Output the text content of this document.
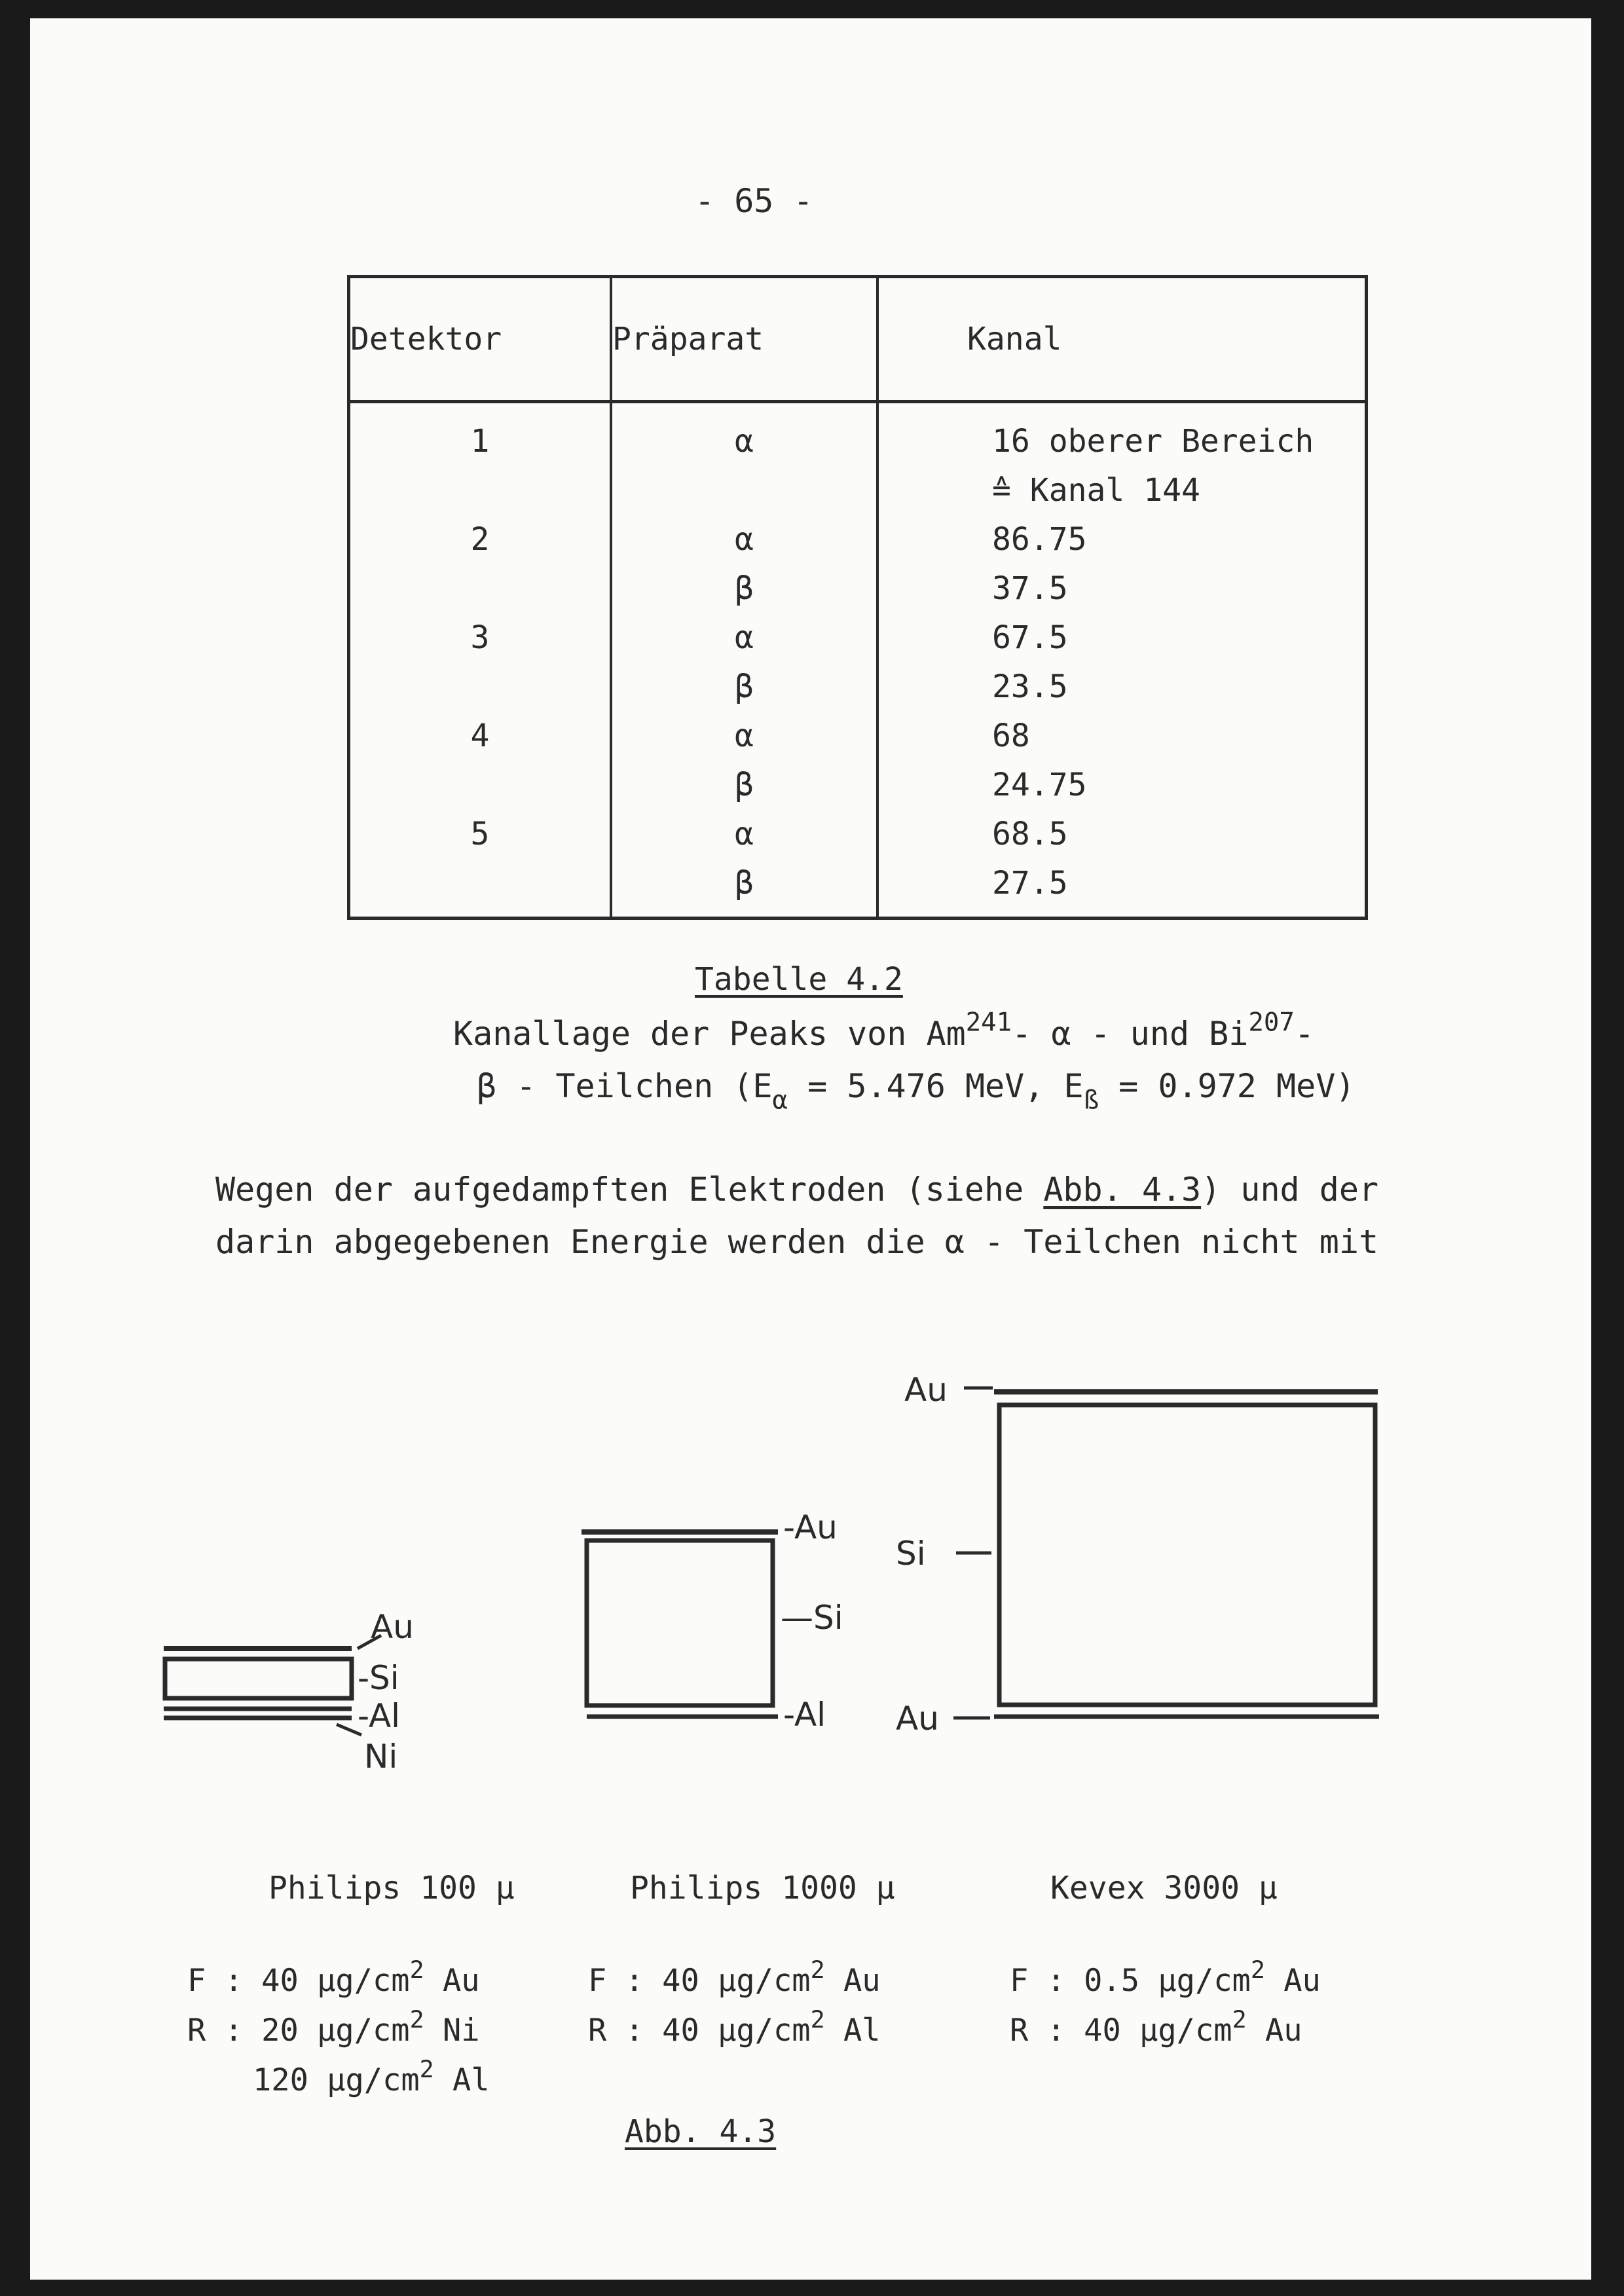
- 65 -
Detektor	Präparat	Kanal
1	α	16 oberer Bereich
		≙ Kanal 144
2	α	86.75
	β	37.5
3	α	67.5
	β	23.5
4	α	68
	β	24.75
5	α	68.5
	β	27.5
Tabelle 4.2
Kanallage der Peaks von Am$^{241}$- α - und Bi$^{207}$-
β - Teilchen ($E_\alpha = 5.476$ MeV, $E_ß = 0.972$ MeV)
Wegen der aufgedampften Elektroden (siehe Abb. 4.3) und der
darin abgegebenen Energie werden die α - Teilchen nicht mit
Au
-Si
-Al
Ni
-Au
—Si
-Al
Au
Si
Au
Philips 100 µ	Philips 1000 µ	Kevex 3000 µ
F : 40 $\mu g/cm^2$ Au
R : 20 $\mu g/cm^2$ Ni
120 $\mu g/cm^2$ Al
F : 40 $\mu g/cm^2$ Au
R : 40 $\mu g/cm^2$ Al
F : 0.5 $\mu g/cm^2$ Au
R : 40 $\mu g/cm^2$ Au
Abb. 4.3
